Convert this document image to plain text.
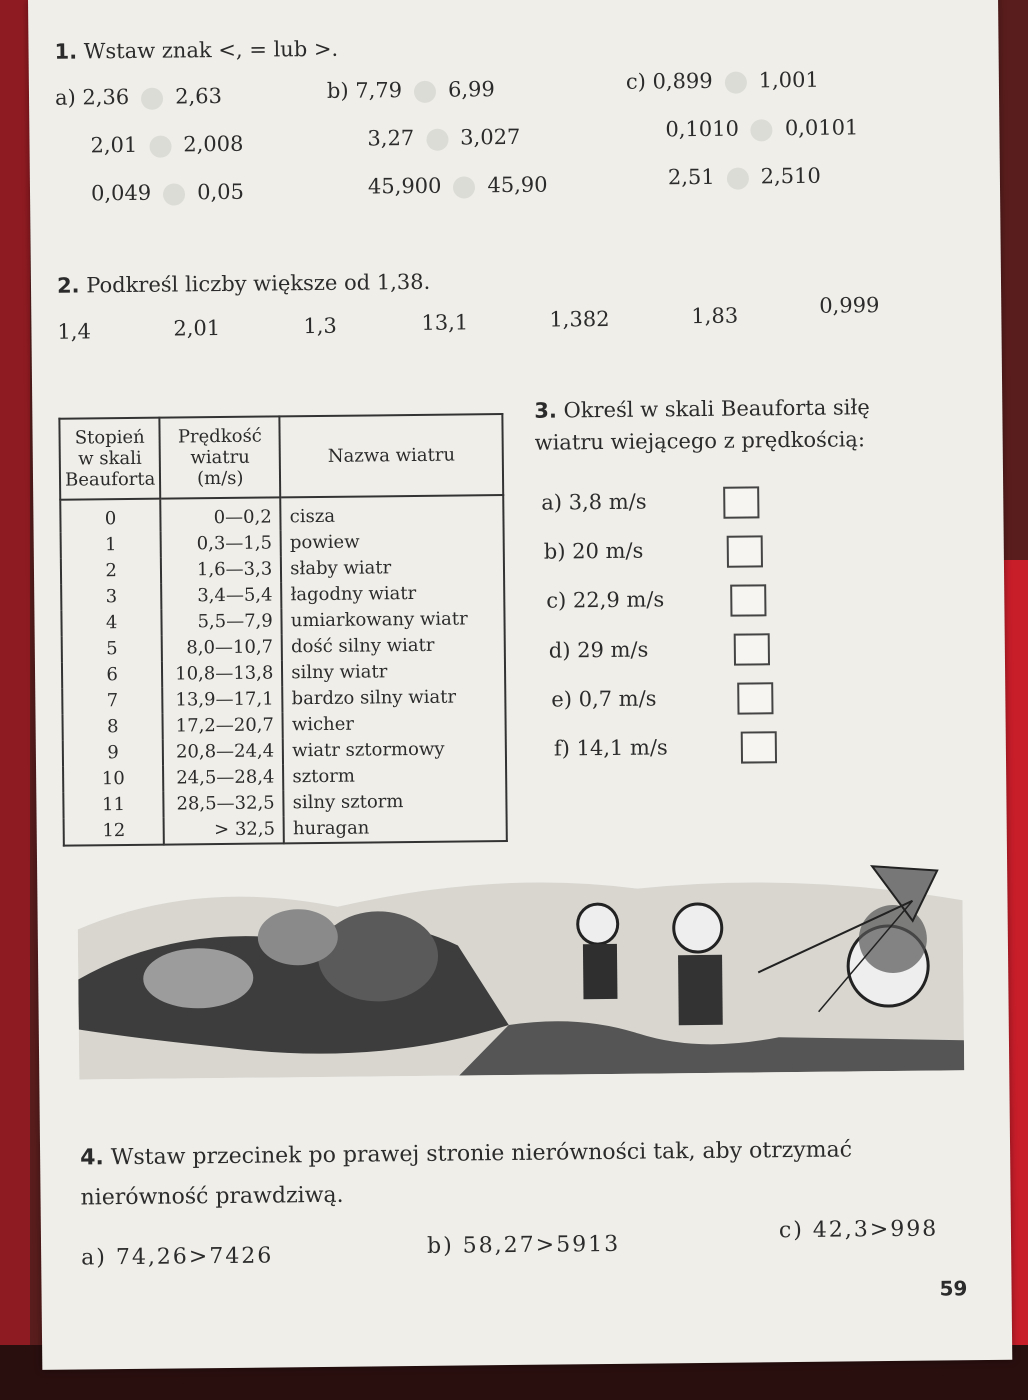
1. Wstaw znak <, = lub >.
a) 2,36 2,63
2,01 2,008
0,049 0,05
b) 7,79 6,99
3,27 3,027
45,900 45,90
c) 0,899 1,001
0,1010 0,0101
2,51 2,510
2. Podkreśl liczby większe od 1,38.
1,4	2,01	1,3	13,1	1,382	1,83	0,999
Stopień w skali Beauforta	Prędkość wiatru (m/s)	Nazwa wiatru
0	0—0,2	cisza
1	0,3—1,5	powiew
2	1,6—3,3	słaby wiatr
3	3,4—5,4	łagodny wiatr
4	5,5—7,9	umiarkowany wiatr
5	8,0—10,7	dość silny wiatr
6	10,8—13,8	silny wiatr
7	13,9—17,1	bardzo silny wiatr
8	17,2—20,7	wicher
9	20,8—24,4	wiatr sztormowy
10	24,5—28,4	sztorm
11	28,5—32,5	silny sztorm
12	> 32,5	huragan
3. Określ w skali Beauforta siłę
wiatru wiejącego z prędkością:
a) 3,8 m/s
b) 20 m/s
c) 22,9 m/s
d) 29 m/s
e) 0,7 m/s
f) 14,1 m/s
4. Wstaw przecinek po prawej stronie nierówności tak, aby otrzymać
nierówność prawdziwą.
a) 74,26>7426	b) 58,27>5913
c) 42,3>998
59
